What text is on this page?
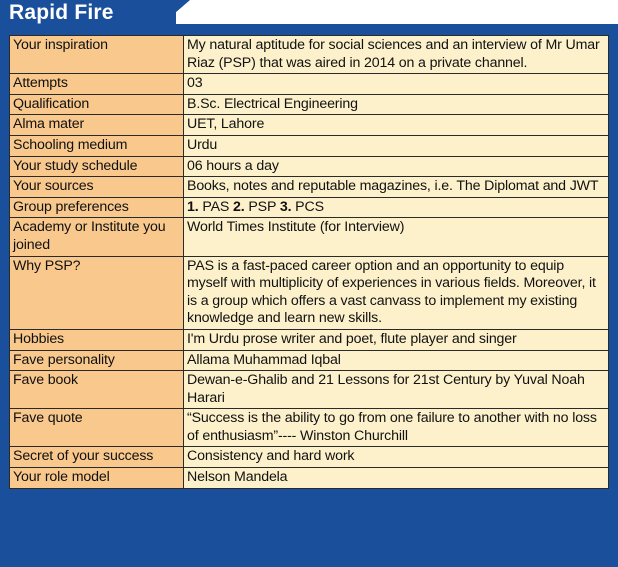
Rapid Fire
Your inspiration	My natural aptitude for social sciences and an interview of Mr Umar Riaz (PSP) that was aired in 2014 on a private channel.
Attempts	03
Qualification	B.Sc. Electrical Engineering
Alma mater	UET, Lahore
Schooling medium	Urdu
Your study schedule	06 hours a day
Your sources	Books, notes and reputable magazines, i.e. The Diplomat and JWT
Group preferences	1. PAS 2. PSP 3. PCS
Academy or Institute you joined	World Times Institute (for Interview)
Why PSP?	PAS is a fast-paced career option and an opportunity to equip myself with multiplicity of experiences in various fields. Moreover, it is a group which offers a vast canvass to implement my existing knowledge and learn new skills.
Hobbies	I'm Urdu prose writer and poet, flute player and singer
Fave personality	Allama Muhammad Iqbal
Fave book	Dewan-e-Ghalib and 21 Lessons for 21st Century by Yuval Noah Harari
Fave quote	“Success is the ability to go from one failure to another with no loss of enthusiasm”---- Winston Churchill
Secret of your success	Consistency and hard work
Your role model	Nelson Mandela
